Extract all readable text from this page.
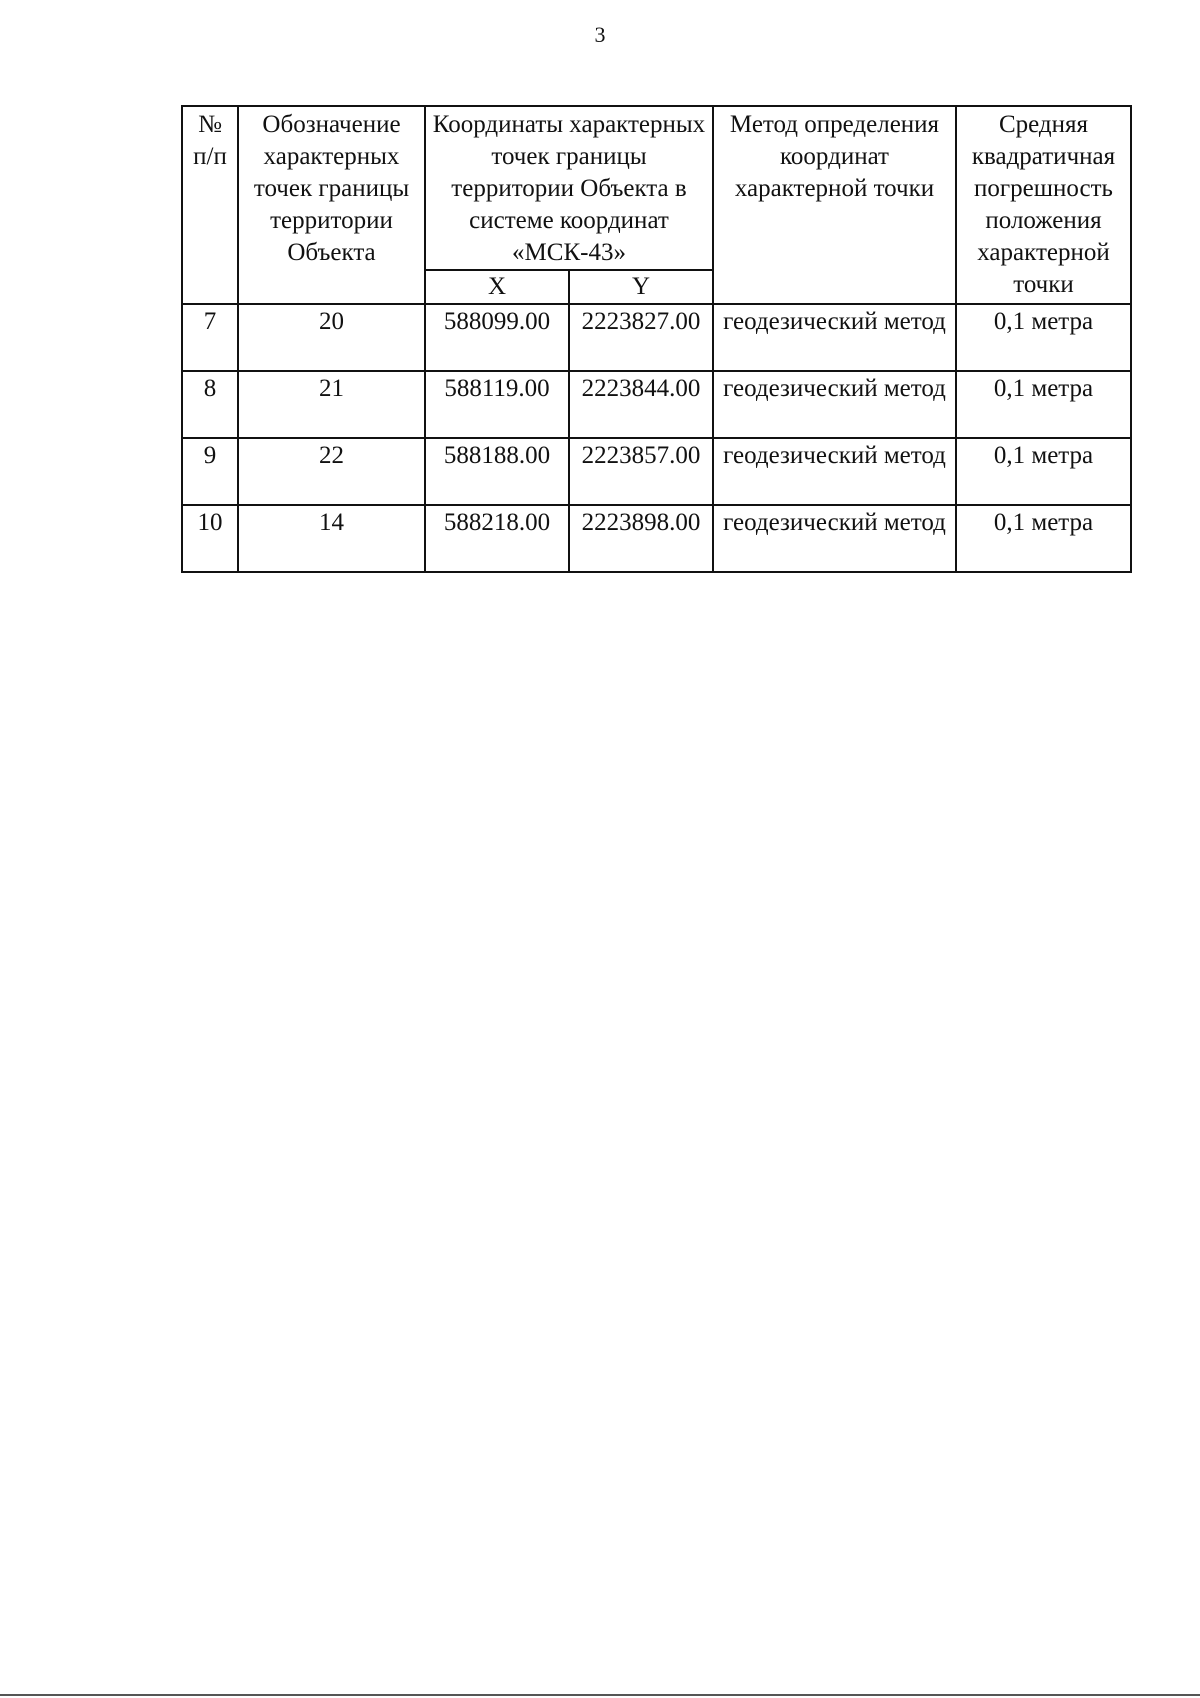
3
№ п/п	Обозначение характерных точек границы территории Объекта	Координаты характерных точек границы территории Объекта в системе координат «МСК-43»		Метод определения координат характерной точки	Средняя квадратичная погрешность положения характерной точки
		X	Y		
7	20	588099.00	2223827.00	геодезический метод	0,1 метра
8	21	588119.00	2223844.00	геодезический метод	0,1 метра
9	22	588188.00	2223857.00	геодезический метод	0,1 метра
10	14	588218.00	2223898.00	геодезический метод	0,1 метра
